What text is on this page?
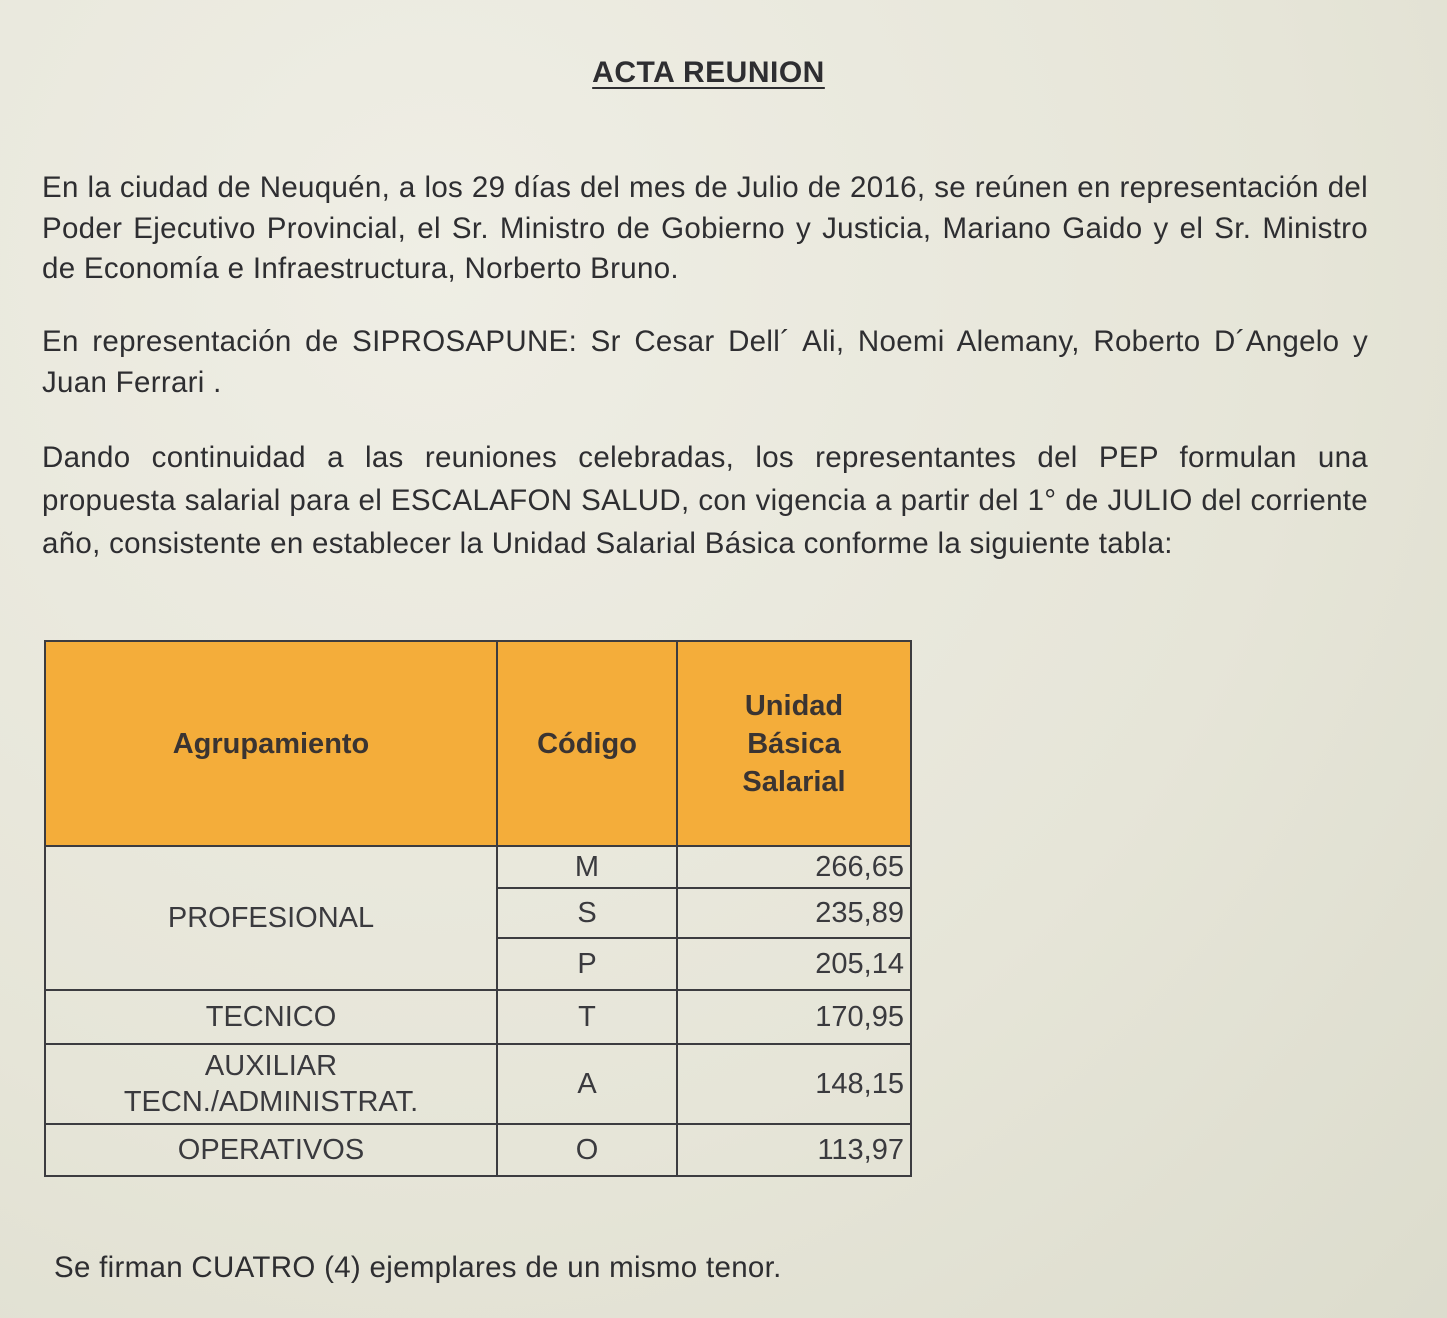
ACTA REUNION
En la ciudad de Neuquén, a los 29 días del mes de Julio de 2016, se reúnen en representación del Poder Ejecutivo Provincial, el Sr. Ministro de Gobierno y Justicia, Mariano Gaido y el Sr. Ministro de Economía e Infraestructura, Norberto Bruno.
En representación de SIPROSAPUNE: Sr Cesar Dell´ Ali, Noemi Alemany, Roberto D´Angelo y Juan Ferrari .
Dando continuidad a las reuniones celebradas, los representantes del PEP formulan una propuesta salarial para el ESCALAFON SALUD, con vigencia a partir del 1° de JULIO del corriente año, consistente en establecer la Unidad Salarial Básica conforme la siguiente tabla:
Agrupamiento	Código	Unidad
Básica
Salarial
PROFESIONAL	M	266,65
	S	235,89
	P	205,14
TECNICO	T	170,95
AUXILIAR
TECN./ADMINISTRAT.	A	148,15
OPERATIVOS	O	113,97
Se firman CUATRO (4) ejemplares de un mismo tenor.
